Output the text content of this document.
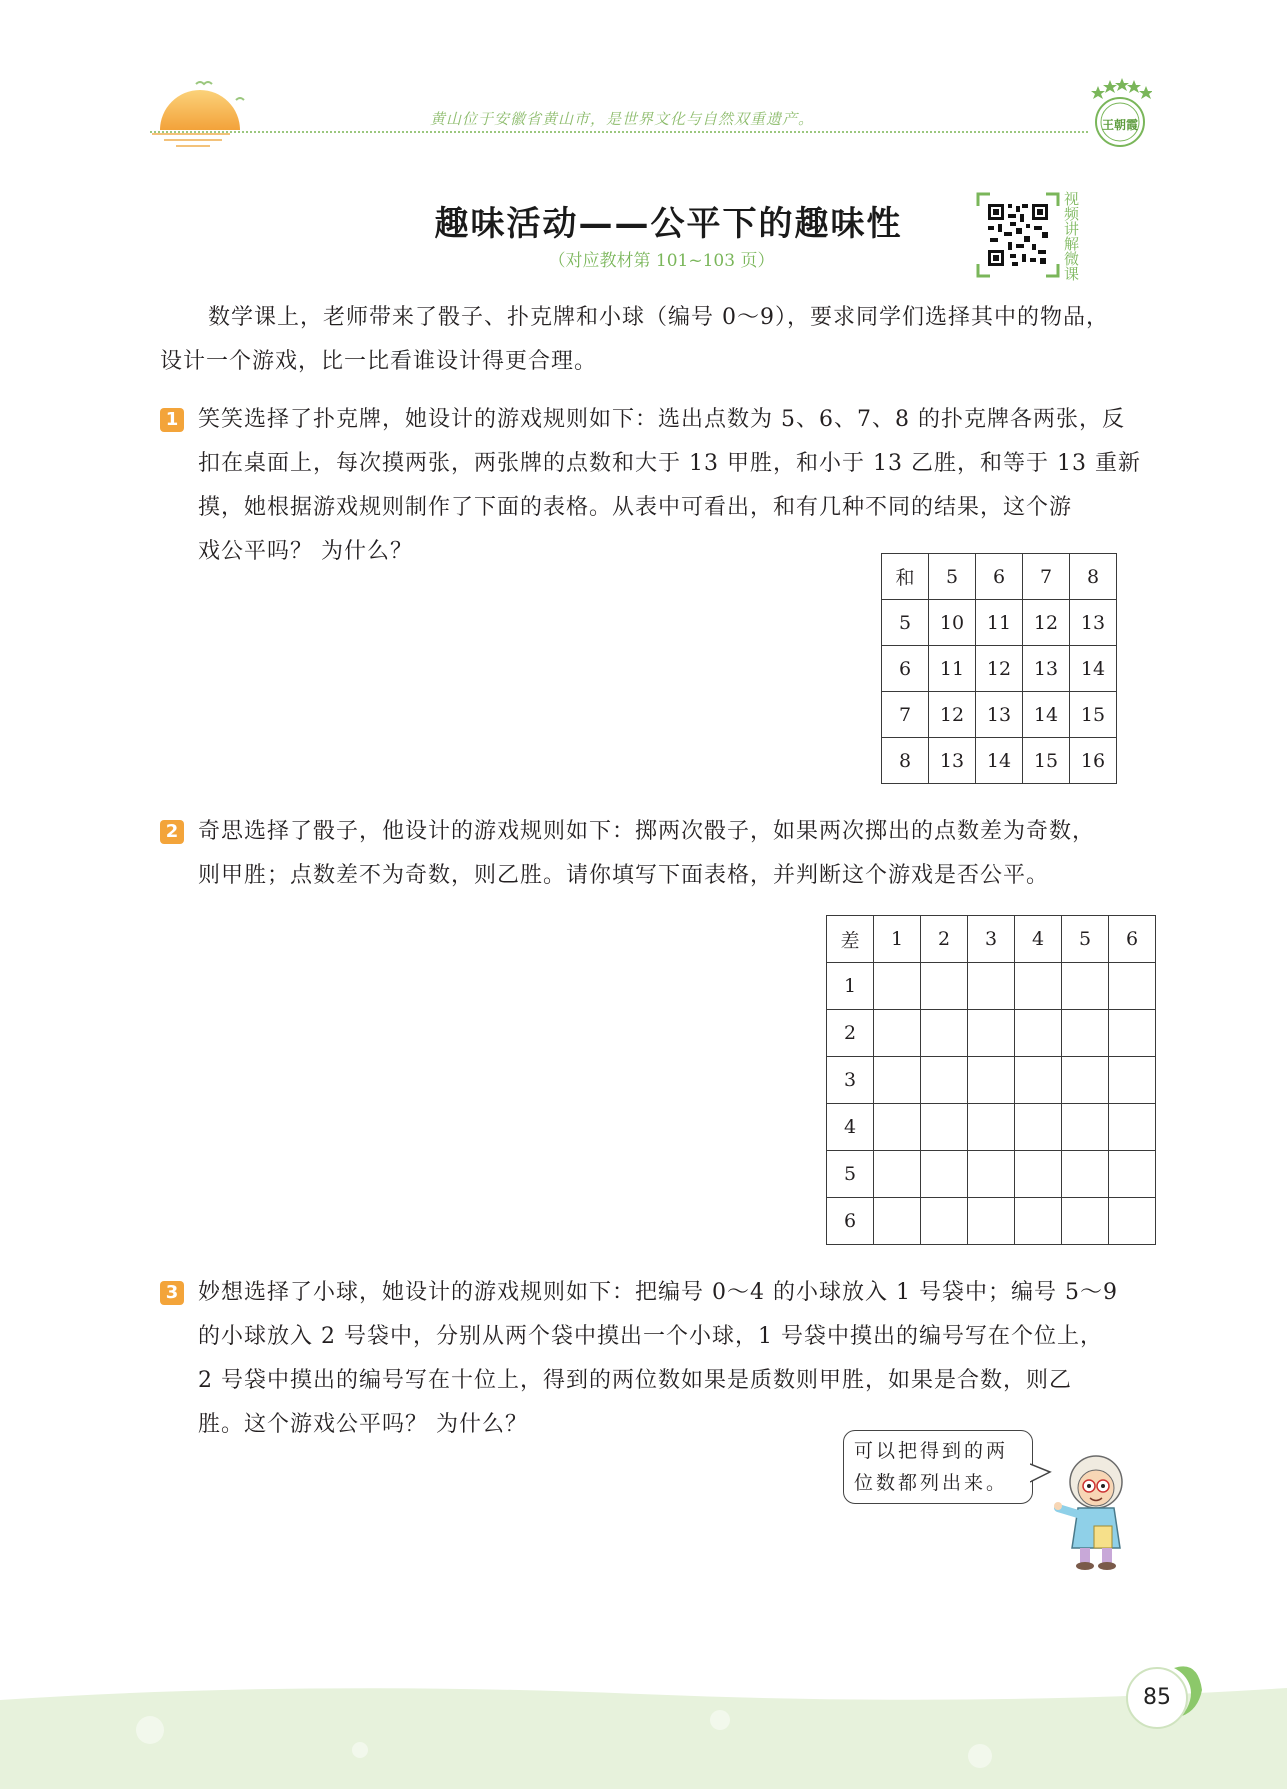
黄山位于安徽省黄山市，是世界文化与自然双重遗产。	王朝霞
趣味活动——公平下的趣味性
（对应教材第 101~103 页）
视频讲解微课
数学课上，老师带来了骰子、扑克牌和小球（编号 0～9），要求同学们选择其中的物品，
设计一个游戏，比一比看谁设计得更合理。
1 笑笑选择了扑克牌，她设计的游戏规则如下：选出点数为 5、6、7、8 的扑克牌各两张，反
扣在桌面上，每次摸两张，两张牌的点数和大于 13 甲胜，和小于 13 乙胜，和等于 13 重新
摸，她根据游戏规则制作了下面的表格。从表中可看出，和有几种不同的结果，这个游
戏公平吗？ 为什么？
和	5	6	7	8
5	10	11	12	13
6	11	12	13	14
7	12	13	14	15
8	13	14	15	16
2 奇思选择了骰子，他设计的游戏规则如下：掷两次骰子，如果两次掷出的点数差为奇数，
则甲胜；点数差不为奇数，则乙胜。请你填写下面表格，并判断这个游戏是否公平。
差	1	2	3	4	5	6
1						
2						
3						
4						
5						
6						
3 妙想选择了小球，她设计的游戏规则如下：把编号 0～4 的小球放入 1 号袋中；编号 5～9
的小球放入 2 号袋中，分别从两个袋中摸出一个小球，1 号袋中摸出的编号写在个位上，
2 号袋中摸出的编号写在十位上，得到的两位数如果是质数则甲胜，如果是合数，则乙
胜。这个游戏公平吗？ 为什么？
可以把得到的两
位数都列出来。
85
